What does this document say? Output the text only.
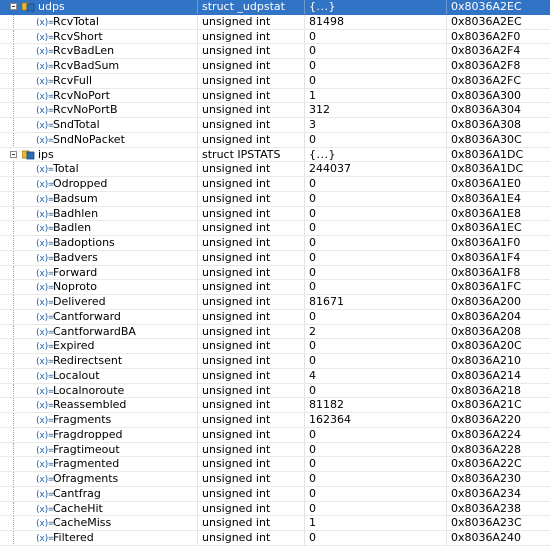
udps	struct _udpstat	{...}	0x8036A2EC
(x)= RcvTotal	unsigned int	81498	0x8036A2EC
(x)= RcvShort	unsigned int	0	0x8036A2F0
(x)= RcvBadLen	unsigned int	0	0x8036A2F4
(x)= RcvBadSum	unsigned int	0	0x8036A2F8
(x)= RcvFull	unsigned int	0	0x8036A2FC
(x)= RcvNoPort	unsigned int	1	0x8036A300
(x)= RcvNoPortB	unsigned int	312	0x8036A304
(x)= SndTotal	unsigned int	3	0x8036A308
(x)= SndNoPacket	unsigned int	0	0x8036A30C
ips	struct IPSTATS	{...}	0x8036A1DC
(x)= Total	unsigned int	244037	0x8036A1DC
(x)= Odropped	unsigned int	0	0x8036A1E0
(x)= Badsum	unsigned int	0	0x8036A1E4
(x)= Badhlen	unsigned int	0	0x8036A1E8
(x)= Badlen	unsigned int	0	0x8036A1EC
(x)= Badoptions	unsigned int	0	0x8036A1F0
(x)= Badvers	unsigned int	0	0x8036A1F4
(x)= Forward	unsigned int	0	0x8036A1F8
(x)= Noproto	unsigned int	0	0x8036A1FC
(x)= Delivered	unsigned int	81671	0x8036A200
(x)= Cantforward	unsigned int	0	0x8036A204
(x)= CantforwardBA	unsigned int	2	0x8036A208
(x)= Expired	unsigned int	0	0x8036A20C
(x)= Redirectsent	unsigned int	0	0x8036A210
(x)= Localout	unsigned int	4	0x8036A214
(x)= Localnoroute	unsigned int	0	0x8036A218
(x)= Reassembled	unsigned int	81182	0x8036A21C
(x)= Fragments	unsigned int	162364	0x8036A220
(x)= Fragdropped	unsigned int	0	0x8036A224
(x)= Fragtimeout	unsigned int	0	0x8036A228
(x)= Fragmented	unsigned int	0	0x8036A22C
(x)= Ofragments	unsigned int	0	0x8036A230
(x)= Cantfrag	unsigned int	0	0x8036A234
(x)= CacheHit	unsigned int	0	0x8036A238
(x)= CacheMiss	unsigned int	1	0x8036A23C
(x)= Filtered	unsigned int	0	0x8036A240
